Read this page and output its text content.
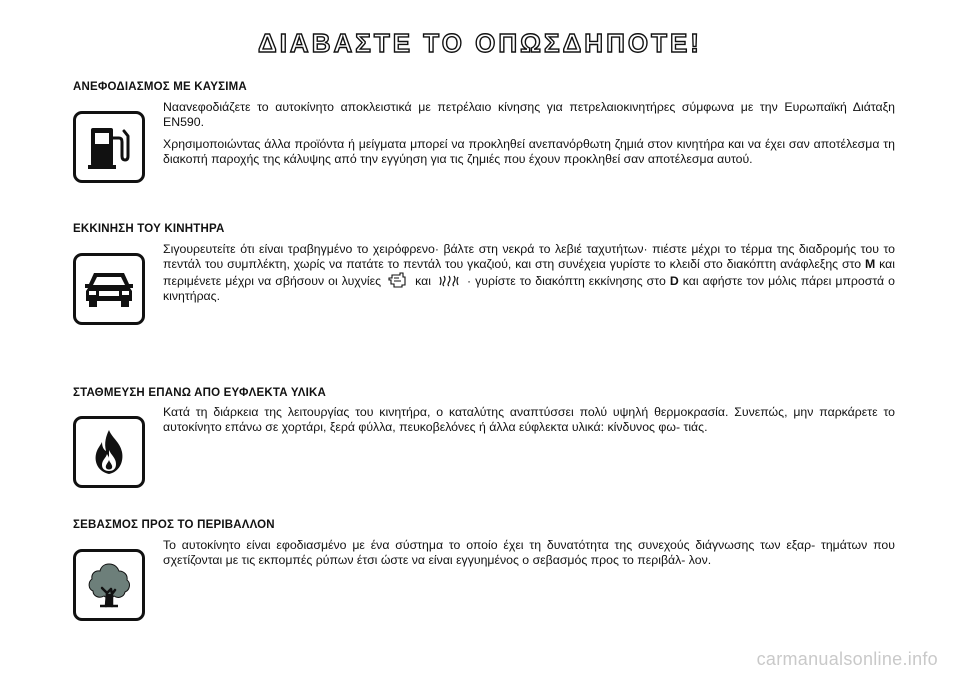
ΔΙΑΒΑΣΤΕ ΤΟ ΟΠΩΣΔΗΠΟΤΕ!
ΑΝΕΦΟΔΙΑΣΜΟΣ ΜΕ ΚΑΥΣΙΜΑ

Νααvεφοδιάζετε το αυτοκίνητο αποκλειστικά με πετρέλαιο κίνησης για πετρελαιοκινητήρες σύμφωνα με την Ευρωπαϊκή Διάταξη EN590.

Χρησιμοποιώντας άλλα προϊόντα ή μείγματα μπορεί να προκληθεί ανεπανόρθωτη ζημιά στον κινητήρα και να έχει σαν αποτέλεσμα τη διακοπή παροχής της κάλυψης από την εγγύηση για τις ζημιές που έχουν προκληθεί σαν αποτέλεσμα αυτού.

ΕΚΚΙΝΗΣΗ ΤΟΥ ΚΙΝΗΤΗΡΑ

Σιγουρευτείτε ότι είναι τραβηγμένο το χειρόφρενο· βάλτε στη νεκρά το λεβιέ ταχυτήτων· πιέστε μέχρι το τέρμα της διαδρομής του το πεντάλ του συμπλέκτη, χωρίς να πατάτε το πεντάλ του γκαζιού, και στη συνέχεια γυρίστε το κλειδί στο διακόπτη ανάφλεξης στο M και περιμένετε μέχρι να σβήσουν οι λυχνίες	και	· γυρίστε το διακόπτη εκκίνησης στο D και αφήστε τον μόλις πάρει μπροστά ο κινητήρας.

ΣΤΑΘΜΕΥΣΗ ΕΠΑΝΩ ΑΠΟ ΕΥΦΛΕΚΤΑ ΥΛΙΚΑ

Κατά τη διάρκεια της λειτουργίας του κινητήρα, ο καταλύτης αναπτύσσει πολύ υψηλή θερμοκρασία. Συνεπώς, μην παρκάρετε το αυτοκίνητο επάνω σε χορτάρι, ξερά φύλλα, πευκοβελόνες ή άλλα εύφλεκτα υλικά: κίνδυνος φω- τιάς.

ΣΕΒΑΣΜΟΣ ΠΡΟΣ ΤΟ ΠΕΡΙΒΑΛΛΟΝ

Το αυτοκίνητο είναι εφοδιασμένο με ένα σύστημα το οποίο έχει τη δυνατότητα της συνεχούς διάγνωσης των εξαρ- τημάτων που σχετίζονται με τις εκπομπές ρύπων έτσι ώστε να είναι εγγυημένος ο σεβασμός προς το περιβάλ- λον.

carmanualsonline.info
